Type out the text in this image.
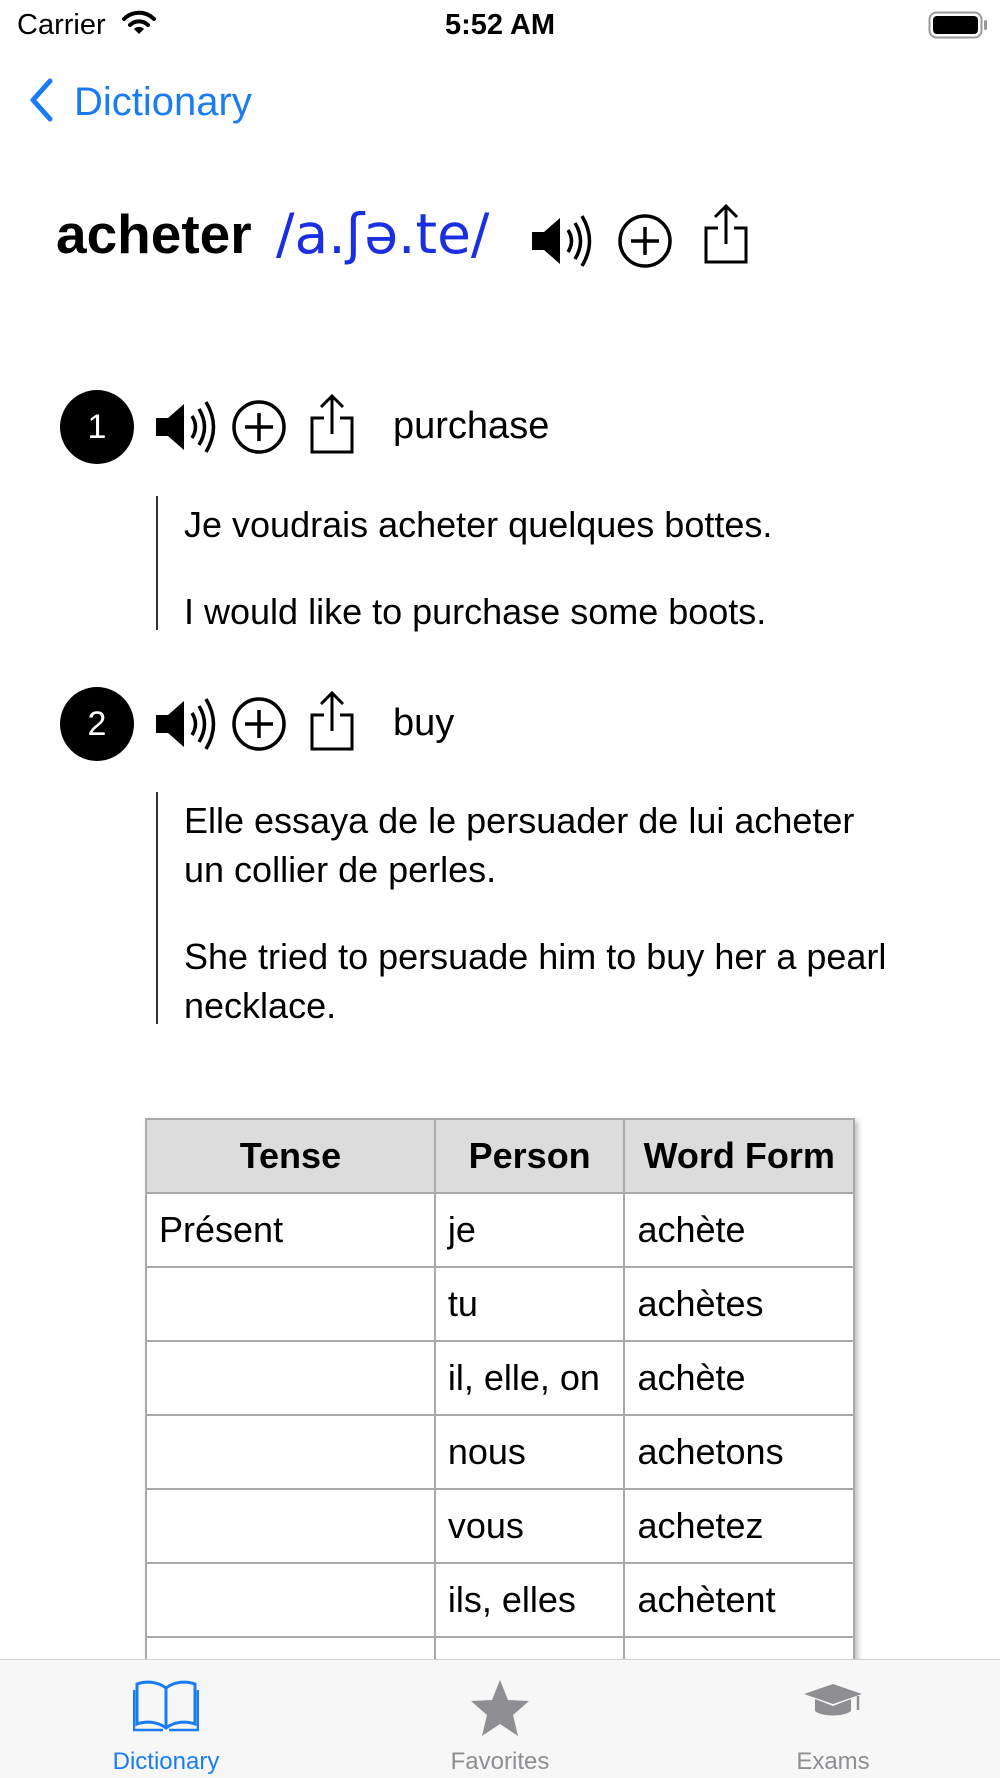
Carrier	5:52 AM
Dictionary
acheter /a.ʃə.te/
1	purchase
Je voudrais acheter quelques bottes.
I would like to purchase some boots.
2	buy
Elle essaya de le persuader de lui acheter
un collier de perles.
She tried to persuade him to buy her a pearl
necklace.
Tense	Person	Word Form
Présent	je	achète
	tu	achètes
	il, elle, on	achète
	nous	achetons
	vous	achetez
	ils, elles	achètent

Dictionary	Favorites	Exams
